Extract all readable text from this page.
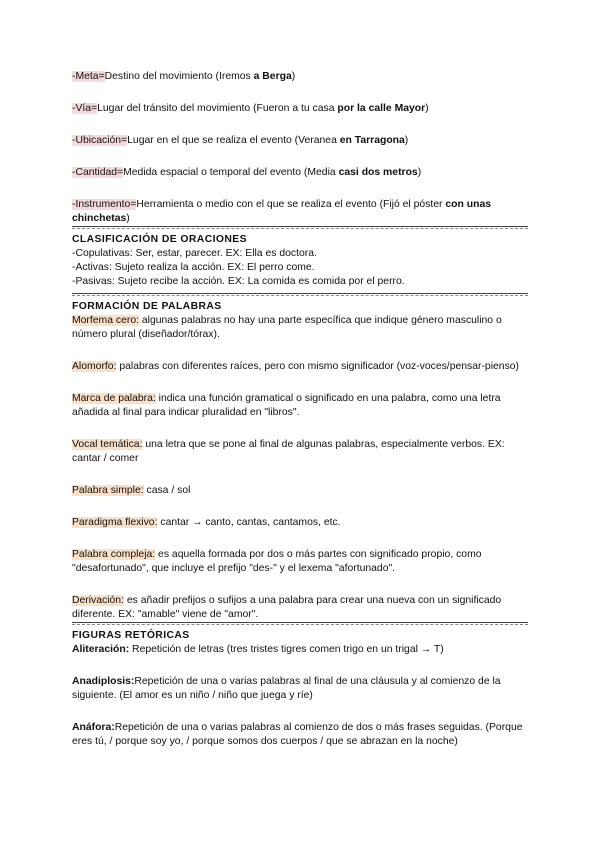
-Meta=Destino del movimiento (Iremos a Berga)

-Vía=Lugar del tránsito del movimiento (Fueron a tu casa por la calle Mayor)

-Ubicación=Lugar en el que se realiza el evento (Veranea en Tarragona)

-Cantidad=Medida espacial o temporal del evento (Media casi dos metros)

-Instrumento=Herramienta o medio con el que se realiza el evento (Fijó el póster con unas chinchetas)

CLASIFICACIÓN DE ORACIONES

-Copulativas: Ser, estar, parecer. EX: Ella es doctora.
-Activas: Sujeto realiza la acción. EX: El perro come.
-Pasivas: Sujeto recibe la acción. EX: La comida es comida por el perro.

FORMACIÓN DE PALABRAS

Morfema cero: algunas palabras no hay una parte específica que indique género masculino o número plural (diseñador/tórax).

Alomorfo: palabras con diferentes raíces, pero con mismo significador (voz-voces/pensar-pienso)

Marca de palabra: indica una función gramatical o significado en una palabra, como una letra añadida al final para indicar pluralidad en "libros".

Vocal temática: una letra que se pone al final de algunas palabras, especialmente verbos. EX: cantar / comer

Palabra simple: casa / sol

Paradigma flexivo: cantar → canto, cantas, cantamos, etc.

Palabra compleja: es aquella formada por dos o más partes con significado propio, como "desafortunado", que incluye el prefijo "des-" y el lexema "afortunado".

Derivación: es añadir prefijos o sufijos a una palabra para crear una nueva con un significado diferente. EX: "amable" viene de "amor".

FIGURAS RETÓRICAS

Aliteración: Repetición de letras (tres tristes tigres comen trigo en un trigal → T)

Anadiplosis:Repetición de una o varias palabras al final de una cláusula y al comienzo de la siguiente. (El amor es un niño / niño que juega y ríe)

Anáfora:Repetición de una o varias palabras al comienzo de dos o más frases seguidas. (Porque eres tú, / porque soy yo, / porque somos dos cuerpos / que se abrazan en la noche)
